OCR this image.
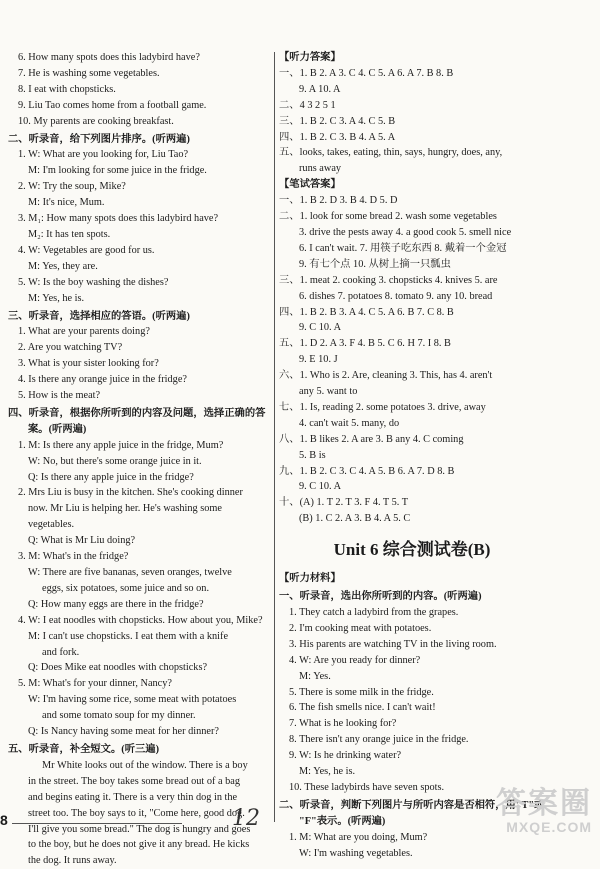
6. How many spots does this ladybird have?
7. He is washing some vegetables.
8. I eat with chopsticks.
9. Liu Tao comes home from a football game.
10. My parents are cooking breakfast.
二、听录音，给下列图片排序。(听两遍)
1. W: What are you looking for, Liu Tao?
M: I'm looking for some juice in the fridge.
2. W: Try the soup, Mike?
M: It's nice, Mum.
3. M₁: How many spots does this ladybird have?
M₂: It has ten spots.
4. W: Vegetables are good for us.
M: Yes, they are.
5. W: Is the boy washing the dishes?
M: Yes, he is.
三、听录音，选择相应的答语。(听两遍)
1. What are your parents doing?
2. Are you watching TV?
3. What is your sister looking for?
4. Is there any orange juice in the fridge?
5. How is the meat?
四、听录音，根据你所听到的内容及问题，选择正确的答
案。(听两遍)
1. M: Is there any apple juice in the fridge, Mum?
W: No, but there's some orange juice in it.
Q: Is there any apple juice in the fridge?
2. Mrs Liu is busy in the kitchen. She's cooking dinner
now. Mr Liu is helping her. He's washing some
vegetables.
Q: What is Mr Liu doing?
3. M: What's in the fridge?
W: There are five bananas, seven oranges, twelve
eggs, six potatoes, some juice and so on.
Q: How many eggs are there in the fridge?
4. W: I eat noodles with chopsticks. How about you, Mike?
M: I can't use chopsticks. I eat them with a knife
and fork.
Q: Does Mike eat noodles with chopsticks?
5. M: What's for your dinner, Nancy?
W: I'm having some rice, some meat with potatoes
and some tomato soup for my dinner.
Q: Is Nancy having some meat for her dinner?
五、听录音，补全短文。(听三遍)
Mr White looks out of the window. There is a boy
in the street. The boy takes some bread out of a bag
and begins eating it. There is a very thin dog in the
street too. The boy says to it, "Come here, good dog.
I'll give you some bread." The dog is hungry and goes
to the boy, but he does not give it any bread. He kicks
the dog. It runs away.
【听力答案】
一、1. B 2. A 3. C 4. C 5. A 6. A 7. B 8. B
9. A 10. A
二、4 3 2 5 1
三、1. B 2. C 3. A 4. C 5. B
四、1. B 2. C 3. B 4. A 5. A
五、looks, takes, eating, thin, says, hungry, does, any,
runs away
【笔试答案】
一、1. B 2. D 3. B 4. D 5. D
二、1. look for some bread 2. wash some vegetables
3. drive the pests away 4. a good cook 5. smell nice
6. I can't wait. 7. 用筷子吃东西 8. 戴着一个金冠
9. 有七个点 10. 从树上摘一只瓢虫
三、1. meat 2. cooking 3. chopsticks 4. knives 5. are
6. dishes 7. potatoes 8. tomato 9. any 10. bread
四、1. B 2. B 3. A 4. C 5. A 6. B 7. C 8. B
9. C 10. A
五、1. D 2. A 3. F 4. B 5. C 6. H 7. I 8. B
9. E 10. J
六、1. Who is 2. Are, cleaning 3. This, has 4. aren't
any 5. want to
七、1. Is, reading 2. some potatoes 3. drive, away
4. can't wait 5. many, do
八、1. B likes 2. A are 3. B any 4. C coming
5. B is
九、1. B 2. C 3. C 4. A 5. B 6. A 7. D 8. B
9. C 10. A
十、(A) 1. T 2. T 3. F 4. T 5. T
(B) 1. C 2. A 3. B 4. A 5. C
Unit 6 综合测试卷(B)
【听力材料】
一、听录音，选出你所听到的内容。(听两遍)
1. They catch a ladybird from the grapes.
2. I'm cooking meat with potatoes.
3. His parents are watching TV in the living room.
4. W: Are you ready for dinner?
M: Yes.
5. There is some milk in the fridge.
6. The fish smells nice. I can't wait!
7. What is he looking for?
8. There isn't any orange juice in the fridge.
9. W: Is he drinking water?
M: Yes, he is.
10. These ladybirds have seven spots.
二、听录音，判断下列图片与所听内容是否相符，用"T"或
"F"表示。(听两遍)
1. M: What are you doing, Mum?
W: I'm washing vegetables.
8	12	答案圈
MXQE.COM
